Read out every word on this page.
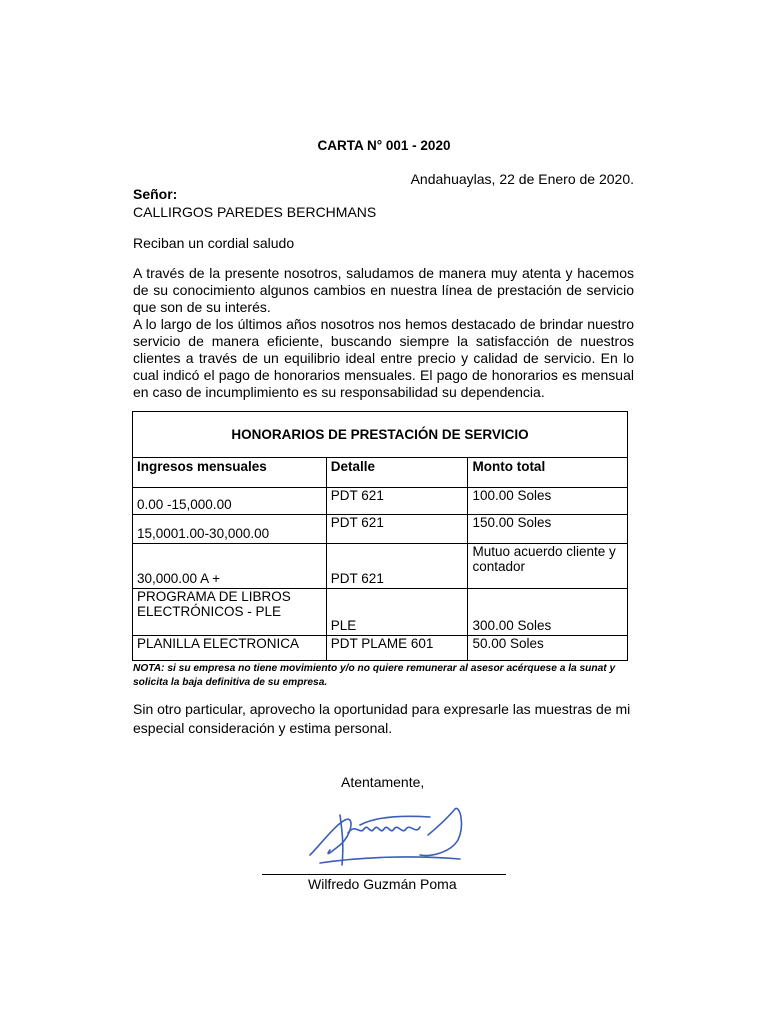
CARTA N° 001 - 2020
Andahuaylas, 22 de Enero de 2020.
Señor:
CALLIRGOS PAREDES BERCHMANS
Reciban un cordial saludo
A través de la presente nosotros, saludamos de manera muy atenta y hacemos de su conocimiento algunos cambios en nuestra línea de prestación de servicio que son de su interés.
A lo largo de los últimos años nosotros nos hemos destacado de brindar nuestro servicio de manera eficiente, buscando siempre la satisfacción de nuestros clientes a través de un equilibrio ideal entre precio y calidad de servicio. En lo cual indicó el pago de honorarios mensuales. El pago de honorarios es mensual en caso de incumplimiento es su responsabilidad su dependencia.
HONORARIOS DE PRESTACIÓN DE SERVICIO		
Ingresos mensuales	Detalle	Monto total
0.00 -15,000.00	PDT 621	100.00 Soles
15,0001.00-30,000.00	PDT 621	150.00 Soles
30,000.00 A +	PDT 621	Mutuo acuerdo cliente y contador
PROGRAMA DE LIBROS ELECTRÓNICOS - PLE	PLE	300.00 Soles
PLANILLA ELECTRONICA	PDT PLAME 601	50.00 Soles
NOTA: si su empresa no tiene movimiento y/o no quiere remunerar al asesor acérquese a la sunat y solicita la baja definitiva de su empresa.
Sin otro particular, aprovecho la oportunidad para expresarle las muestras de mi especial consideración y estima personal.
Atentamente,
Wilfredo Guzmán Poma
